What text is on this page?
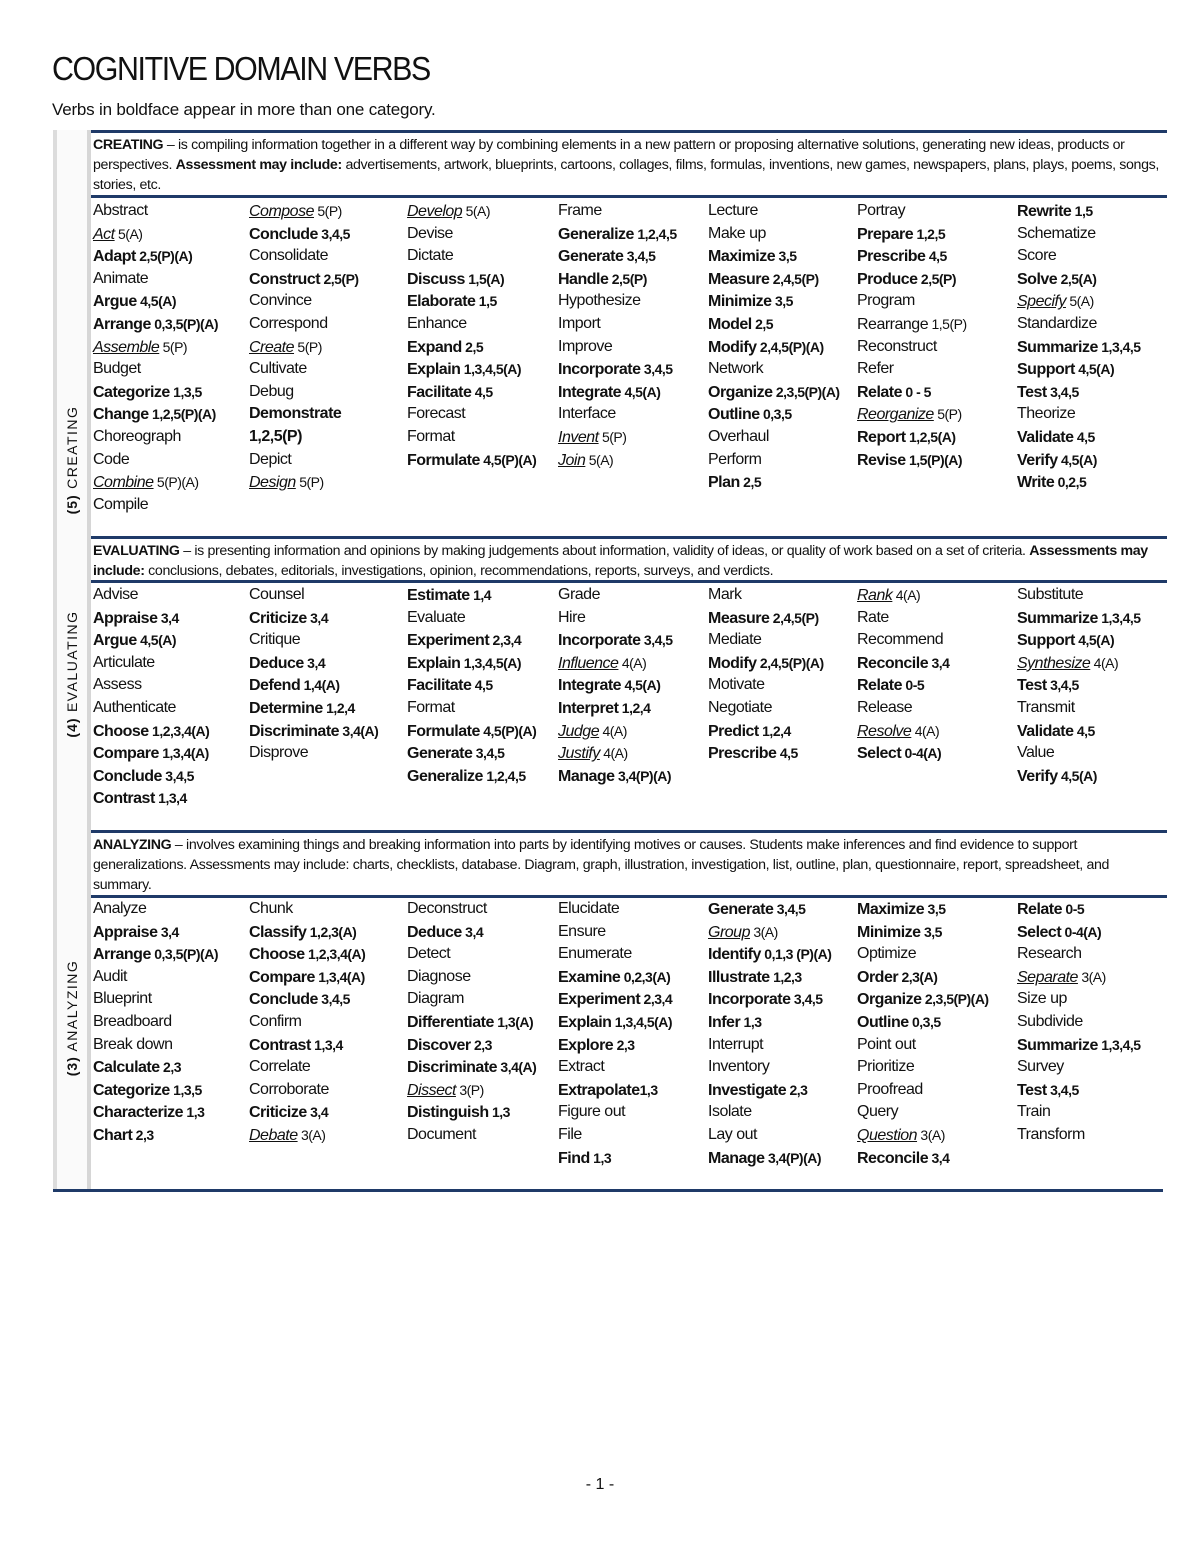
COGNITIVE DOMAIN VERBS
Verbs in boldface appear in more than one category.
(5) CREATING
CREATING – is compiling information together in a different way by combining elements in a new pattern or proposing alternative solutions, generating new ideas, products or perspectives. Assessment may include: advertisements, artwork, blueprints, cartoons, collages, films, formulas, inventions, new games, newspapers, plans, plays, poems, songs, stories, etc.
Abstract
Act 5(A)
Adapt 2,5(P)(A)
Animate
Argue 4,5(A)
Arrange 0,3,5(P)(A)
Assemble 5(P)
Budget
Categorize 1,3,5
Change 1,2,5(P)(A)
Choreograph
Code
Combine 5(P)(A)
Compile
Compose 5(P)
Conclude 3,4,5
Consolidate
Construct 2,5(P)
Convince
Correspond
Create 5(P)
Cultivate
Debug
Demonstrate
1,2,5(P)
Depict
Design 5(P)
Develop 5(A)
Devise
Dictate
Discuss 1,5(A)
Elaborate 1,5
Enhance
Expand 2,5
Explain 1,3,4,5(A)
Facilitate 4,5
Forecast
Format
Formulate 4,5(P)(A)
Frame
Generalize 1,2,4,5
Generate 3,4,5
Handle 2,5(P)
Hypothesize
Import
Improve
Incorporate 3,4,5
Integrate 4,5(A)
Interface
Invent 5(P)
Join 5(A)
Lecture
Make up
Maximize 3,5
Measure 2,4,5(P)
Minimize 3,5
Model 2,5
Modify 2,4,5(P)(A)
Network
Organize 2,3,5(P)(A)
Outline 0,3,5
Overhaul
Perform
Plan 2,5
Portray
Prepare 1,2,5
Prescribe 4,5
Produce 2,5(P)
Program
Rearrange 1,5(P)
Reconstruct
Refer
Relate 0 - 5
Reorganize 5(P)
Report 1,2,5(A)
Revise 1,5(P)(A)
Rewrite 1,5
Schematize
Score
Solve 2,5(A)
Specify 5(A)
Standardize
Summarize 1,3,4,5
Support 4,5(A)
Test 3,4,5
Theorize
Validate 4,5
Verify 4,5(A)
Write 0,2,5
(4) EVALUATING
EVALUATING – is presenting information and opinions by making judgements about information, validity of ideas, or quality of work based on a set of criteria. Assessments may include: conclusions, debates, editorials, investigations, opinion, recommendations, reports, surveys, and verdicts.
Advise
Appraise 3,4
Argue 4,5(A)
Articulate
Assess
Authenticate
Choose 1,2,3,4(A)
Compare 1,3,4(A)
Conclude 3,4,5
Contrast 1,3,4
Counsel
Criticize 3,4
Critique
Deduce 3,4
Defend 1,4(A)
Determine 1,2,4
Discriminate 3,4(A)
Disprove
Estimate 1,4
Evaluate
Experiment 2,3,4
Explain 1,3,4,5(A)
Facilitate 4,5
Format
Formulate 4,5(P)(A)
Generate 3,4,5
Generalize 1,2,4,5
Grade
Hire
Incorporate 3,4,5
Influence 4(A)
Integrate 4,5(A)
Interpret 1,2,4
Judge 4(A)
Justify 4(A)
Manage 3,4(P)(A)
Mark
Measure 2,4,5(P)
Mediate
Modify 2,4,5(P)(A)
Motivate
Negotiate
Predict 1,2,4
Prescribe 4,5
Rank 4(A)
Rate
Recommend
Reconcile 3,4
Relate 0-5
Release
Resolve 4(A)
Select 0-4(A)
Substitute
Summarize 1,3,4,5
Support 4,5(A)
Synthesize 4(A)
Test 3,4,5
Transmit
Validate 4,5
Value
Verify 4,5(A)
(3) ANALYZING
ANALYZING – involves examining things and breaking information into parts by identifying motives or causes. Students make inferences and find evidence to support generalizations. Assessments may include: charts, checklists, database. Diagram, graph, illustration, investigation, list, outline, plan, questionnaire, report, spreadsheet, and summary.
Analyze
Appraise 3,4
Arrange 0,3,5(P)(A)
Audit
Blueprint
Breadboard
Break down
Calculate 2,3
Categorize 1,3,5
Characterize 1,3
Chart 2,3
Chunk
Classify 1,2,3(A)
Choose 1,2,3,4(A)
Compare 1,3,4(A)
Conclude 3,4,5
Confirm
Contrast 1,3,4
Correlate
Corroborate
Criticize 3,4
Debate 3(A)
Deconstruct
Deduce 3,4
Detect
Diagnose
Diagram
Differentiate 1,3(A)
Discover 2,3
Discriminate 3,4(A)
Dissect 3(P)
Distinguish 1,3
Document
Elucidate
Ensure
Enumerate
Examine 0,2,3(A)
Experiment 2,3,4
Explain 1,3,4,5(A)
Explore 2,3
Extract
Extrapolate1,3
Figure out
File
Find 1,3
Generate 3,4,5
Group 3(A)
Identify 0,1,3 (P)(A)
Illustrate 1,2,3
Incorporate 3,4,5
Infer 1,3
Interrupt
Inventory
Investigate 2,3
Isolate
Lay out
Manage 3,4(P)(A)
Maximize 3,5
Minimize 3,5
Optimize
Order 2,3(A)
Organize 2,3,5(P)(A)
Outline 0,3,5
Point out
Prioritize
Proofread
Query
Question 3(A)
Reconcile 3,4
Relate 0-5
Select 0-4(A)
Research
Separate 3(A)
Size up
Subdivide
Summarize 1,3,4,5
Survey
Test 3,4,5
Train
Transform
- 1 -
